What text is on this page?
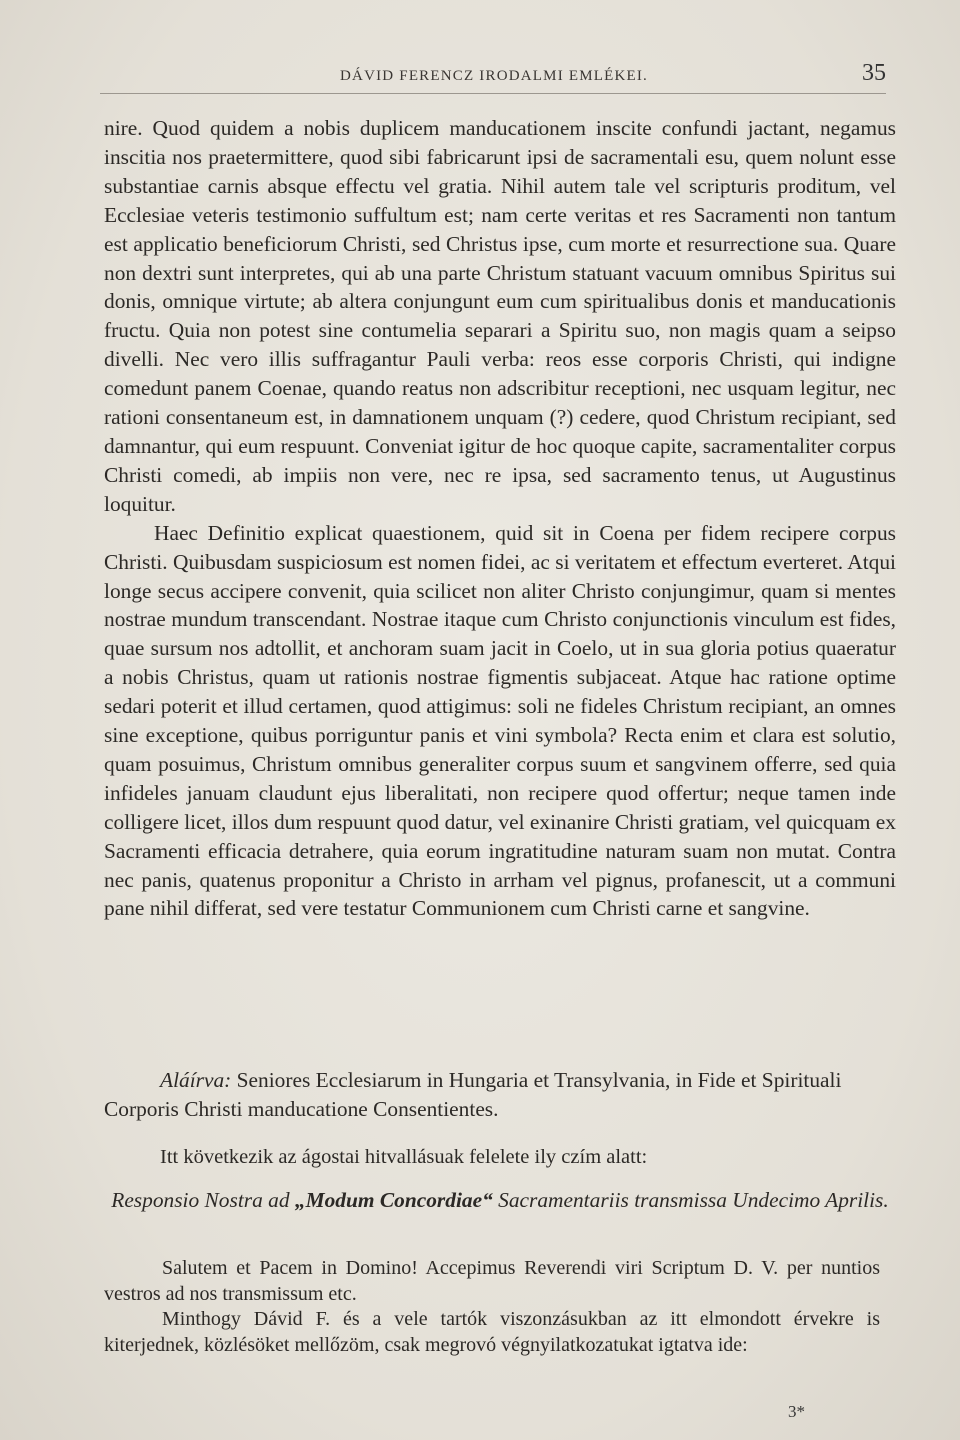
DÁVID FERENCZ IRODALMI EMLÉKEI.	35

nire. Quod quidem a nobis duplicem manducationem inscite confundi jactant, negamus inscitia nos praetermittere, quod sibi fabricarunt ipsi de sacramentali esu, quem nolunt esse substantiae carnis absque effectu vel gratia. Nihil autem tale vel scripturis proditum, vel Ecclesiae veteris testimonio suffultum est; nam certe veritas et res Sacramenti non tantum est applicatio beneficiorum Christi, sed Christus ipse, cum morte et resurrectione sua. Quare non dextri sunt interpretes, qui ab una parte Christum statuant vacuum omnibus Spiritus sui donis, omnique virtute; ab altera conjungunt eum cum spiritualibus donis et manducationis fructu. Quia non potest sine contumelia separari a Spiritu suo, non magis quam a seipso divelli. Nec vero illis suffragantur Pauli verba: reos esse corporis Christi, qui indigne comedunt panem Coenae, quando reatus non adscribitur receptioni, nec usquam legitur, nec rationi consentaneum est, in damnationem unquam (?) cedere, quod Christum recipiant, sed damnantur, qui eum respuunt. Conveniat igitur de hoc quoque capite, sacramentaliter corpus Christi comedi, ab impiis non vere, nec re ipsa, sed sacramento tenus, ut Augustinus loquitur.

Haec Definitio explicat quaestionem, quid sit in Coena per fidem recipere corpus Christi. Quibusdam suspiciosum est nomen fidei, ac si veritatem et effectum everteret. Atqui longe secus accipere convenit, quia scilicet non aliter Christo conjungimur, quam si mentes nostrae mundum transcendant. Nostrae itaque cum Christo conjunctionis vinculum est fides, quae sursum nos adtollit, et anchoram suam jacit in Coelo, ut in sua gloria potius quaeratur a nobis Christus, quam ut rationis nostrae figmentis subjaceat. Atque hac ratione optime sedari poterit et illud certamen, quod attigimus: soli ne fideles Christum recipiant, an omnes sine exceptione, quibus porriguntur panis et vini symbola? Recta enim et clara est solutio, quam posuimus, Christum omnibus generaliter corpus suum et sangvinem offerre, sed quia infideles januam claudunt ejus liberalitati, non recipere quod offertur; neque tamen inde colligere licet, illos dum respuunt quod datur, vel exinanire Christi gratiam, vel quicquam ex Sacramenti efficacia detrahere, quia eorum ingratitudine naturam suam non mutat. Contra nec panis, quatenus proponitur a Christo in arrham vel pignus, profanescit, ut a communi pane nihil differat, sed vere testatur Communionem cum Christi carne et sangvine.

Aláírva: Seniores Ecclesiarum in Hungaria et Transylvania, in Fide et Spirituali Corporis Christi manducatione Consentientes.
Itt következik az ágostai hitvallásuak felelete ily czím alatt:
Responsio Nostra ad „Modum Concordiae“ Sacramentariis transmissa Undecimo Aprilis.

Salutem et Pacem in Domino! Accepimus Reverendi viri Scriptum D. V. per nuntios vestros ad nos transmissum etc.

Minthogy Dávid F. és a vele tartók viszonzásukban az itt elmondott érvekre is kiterjednek, közlésöket mellőzöm, csak megrovó végnyilatkozatukat igtatva ide:

3*
